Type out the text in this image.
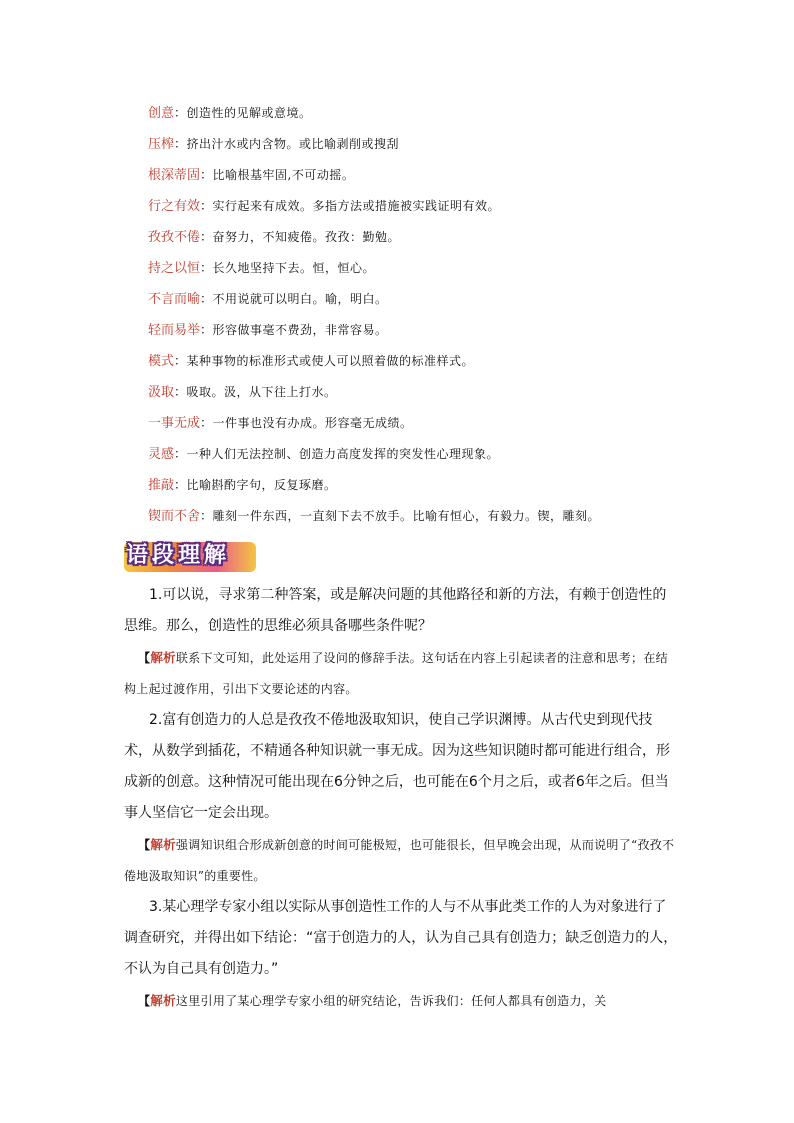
创意：创造性的见解或意境。
压榨：挤出汁水或内含物。或比喻剥削或搜刮
根深蒂固：比喻根基牢固,不可动摇。
行之有效：实行起来有成效。多指方法或措施被实践证明有效。
孜孜不倦：奋努力，不知疲倦。孜孜：勤勉。
持之以恒：长久地坚持下去。恒，恒心。
不言而喻：不用说就可以明白。喻，明白。
轻而易举：形容做事毫不费劲，非常容易。
模式：某种事物的标准形式或使人可以照着做的标准样式。
汲取：吸取。汲，从下往上打水。
一事无成：一件事也没有办成。形容毫无成绩。
灵感：一种人们无法控制、创造力高度发挥的突发性心理现象。
推敲：比喻斟酌字句，反复琢磨。
锲而不舍：雕刻一件东西，一直刻下去不放手。比喻有恒心，有毅力。锲，雕刻。
语 段 理 解

1.可以说，寻求第二种答案，或是解决问题的其他路径和新的方法，有赖于创造性的思维。那么，创造性的思维必须具备哪些条件呢？

【解析联系下文可知，此处运用了设问的修辞手法。这句话在内容上引起读者的注意和思考；在结构上起过渡作用，引出下文要论述的内容。

2.富有创造力的人总是孜孜不倦地汲取知识，使自己学识渊博。从古代史到现代技术，从数学到插花，不精通各种知识就一事无成。因为这些知识随时都可能进行组合，形成新的创意。这种情况可能出现在6分钟之后，也可能在6个月之后，或者6年之后。但当事人坚信它一定会出现。

【解析强调知识组合形成新创意的时间可能极短，也可能很长，但早晚会出现，从而说明了“孜孜不倦地汲取知识”的重要性。

3.某心理学专家小组以实际从事创造性工作的人与不从事此类工作的人为对象进行了调查研究，并得出如下结论：“富于创造力的人，认为自己具有创造力；缺乏创造力的人，不认为自己具有创造力。”

【解析这里引用了某心理学专家小组的研究结论，告诉我们：任何人都具有创造力，关
